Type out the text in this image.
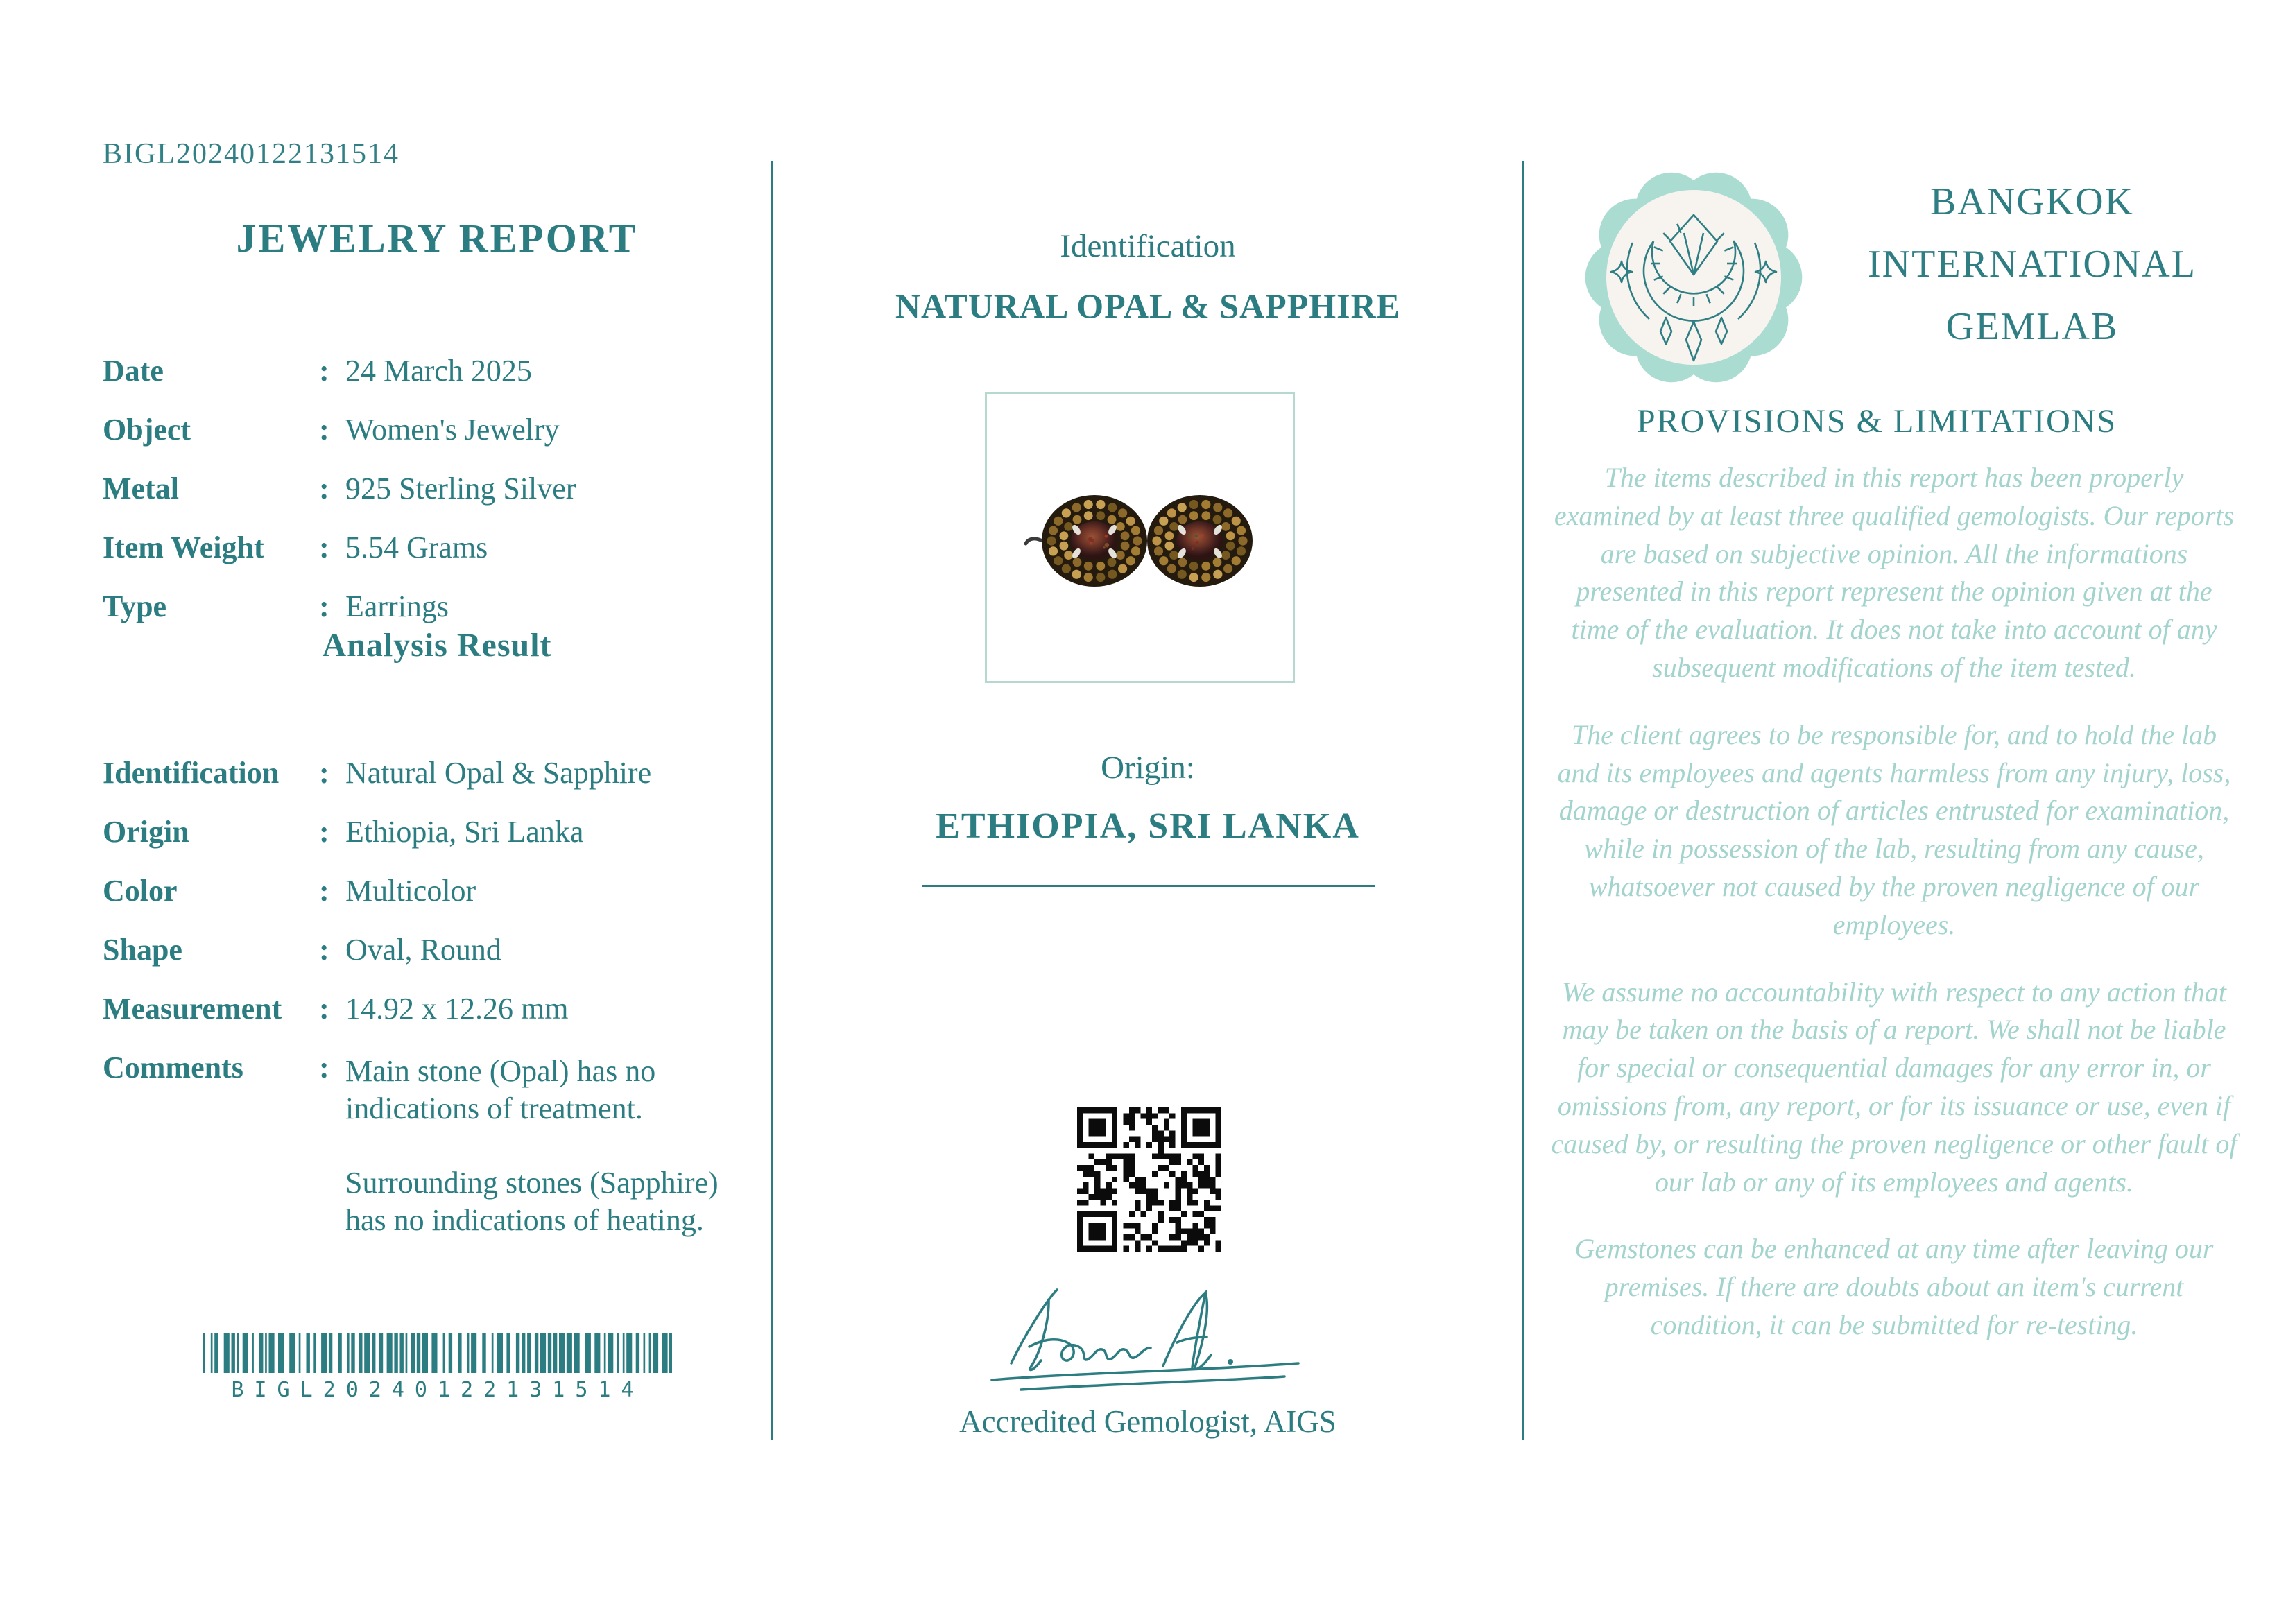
BIGL20240122131514
JEWELRY REPORT
Date	: 24 March 2025
Object	: Women's Jewelry
Metal	: 925 Sterling Silver
Item Weight	: 5.54 Grams
Type	: Earrings
Analysis Result
Identification	: Natural Opal & Sapphire
Origin	: Ethiopia, Sri Lanka
Color	: Multicolor
Shape	: Oval, Round
Measurement	: 14.92 x 12.26 mm
Comments	: Main stone (Opal) has no indications of treatment.
Surrounding stones (Sapphire) has no indications of heating.
BIGL20240122131514
Identification
NATURAL OPAL & SAPPHIRE
Origin:
ETHIOPIA, SRI LANKA
Accredited Gemologist, AIGS
BANGKOK
INTERNATIONAL
GEMLAB
PROVISIONS & LIMITATIONS

The items described in this report has been properly examined by at least three qualified gemologists. Our reports are based on subjective opinion. All the informations presented in this report represent the opinion given at the time of the evaluation. It does not take into account of any subsequent modifications of the item tested.

The client agrees to be responsible for, and to hold the lab and its employees and agents harmless from any injury, loss, damage or destruction of articles entrusted for examination, while in possession of the lab, resulting from any cause, whatsoever not caused by the proven negligence of our employees.

We assume no accountability with respect to any action that may be taken on the basis of a report. We shall not be liable for special or consequential damages for any error in, or omissions from, any report, or for its issuance or use, even if caused by, or resulting the proven negligence or other fault of our lab or any of its employees and agents.

Gemstones can be enhanced at any time after leaving our premises. If there are doubts about an item's current condition, it can be submitted for re-testing.
